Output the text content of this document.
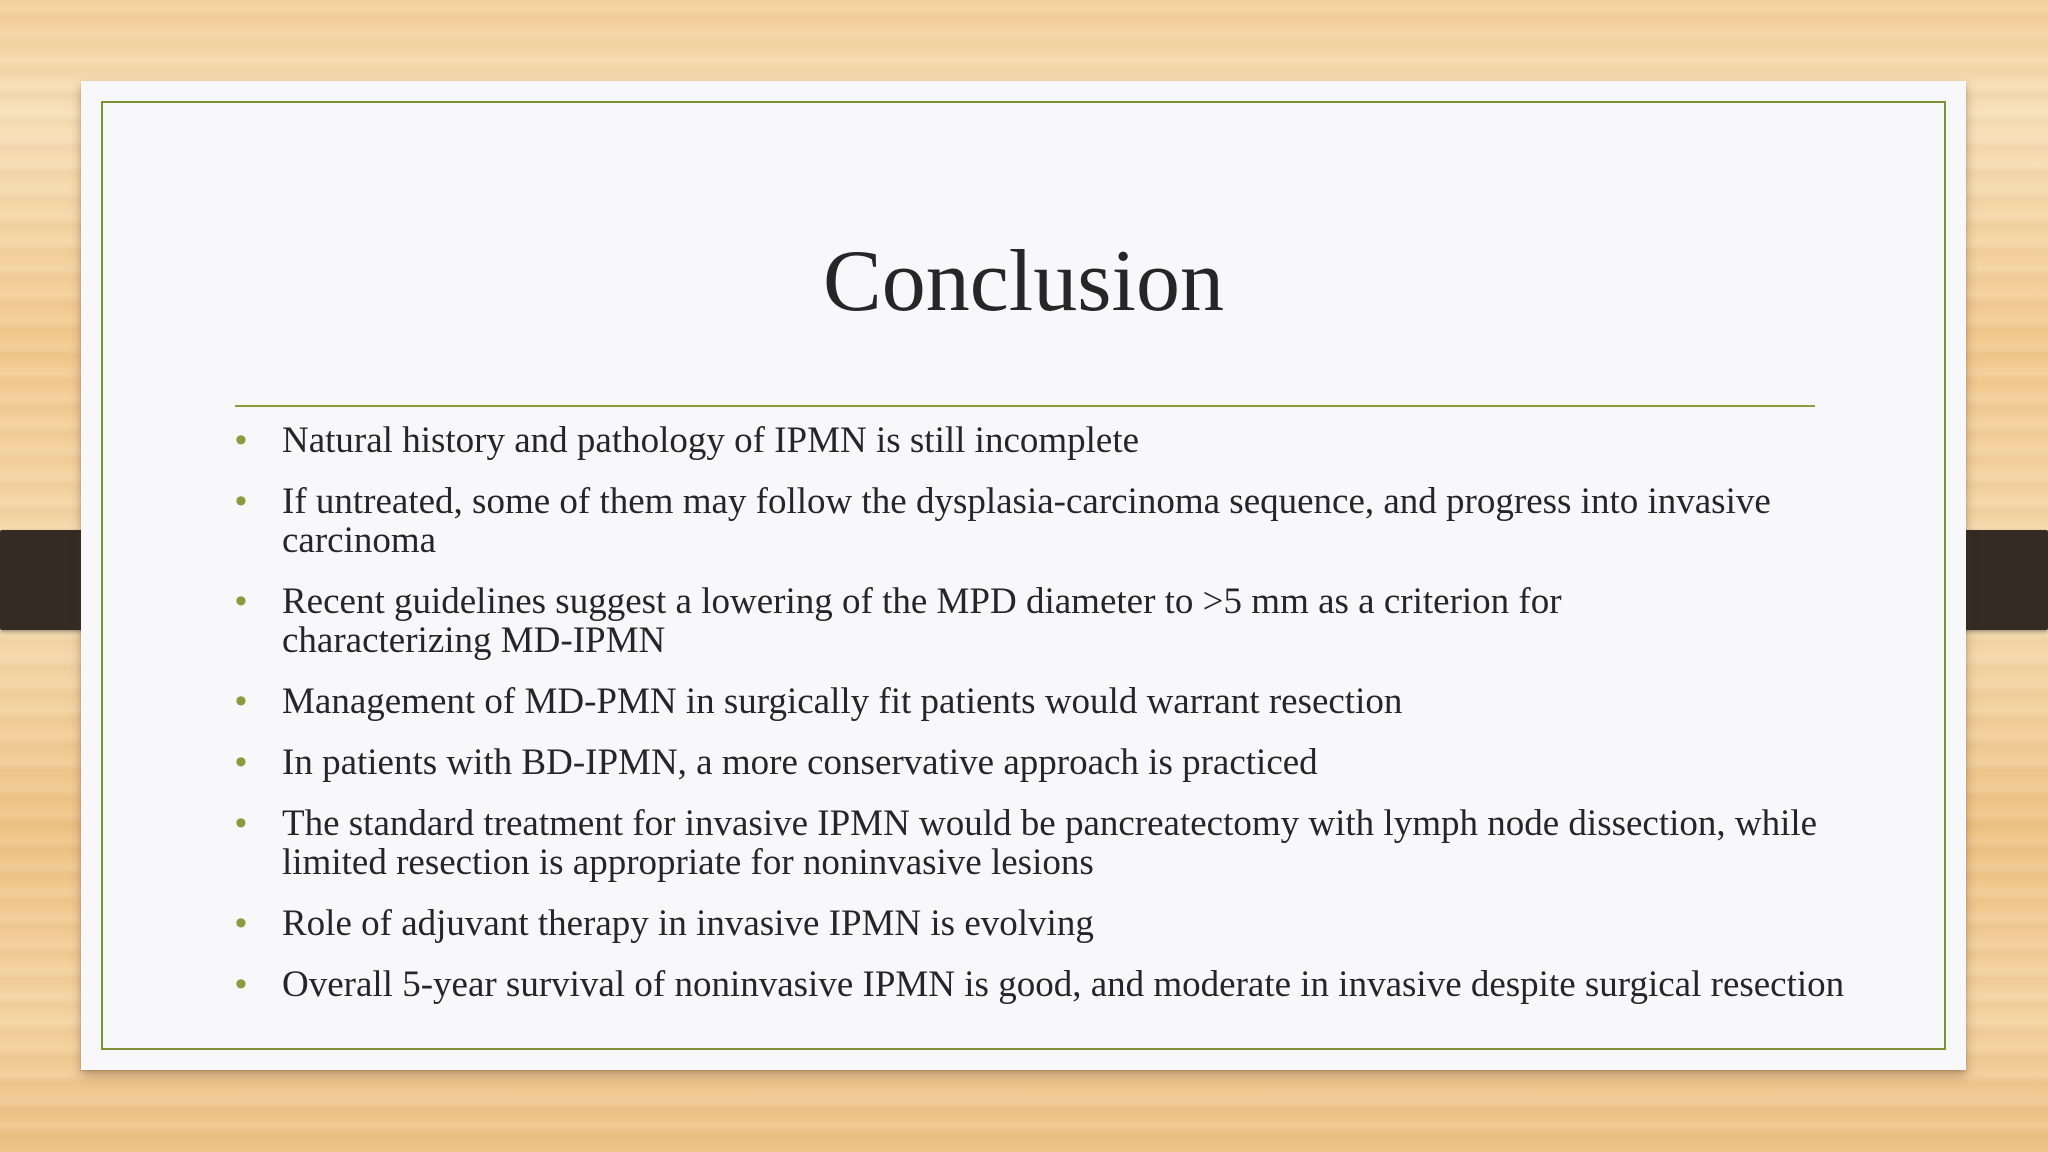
Conclusion
• Natural history and pathology of IPMN is still incomplete
• If untreated, some of them may follow the dysplasia-carcinoma sequence, and progress into invasive carcinoma
• Recent guidelines suggest a lowering of the MPD diameter to >5 mm as a criterion for characterizing MD-IPMN
• Management of MD-PMN in surgically fit patients would warrant resection
• In patients with BD-IPMN, a more conservative approach is practiced
• The standard treatment for invasive IPMN would be pancreatectomy with lymph node dissection, while limited resection is appropriate for noninvasive lesions
• Role of adjuvant therapy in invasive IPMN is evolving
• Overall 5-year survival of noninvasive IPMN is good, and moderate in invasive despite surgical resection
